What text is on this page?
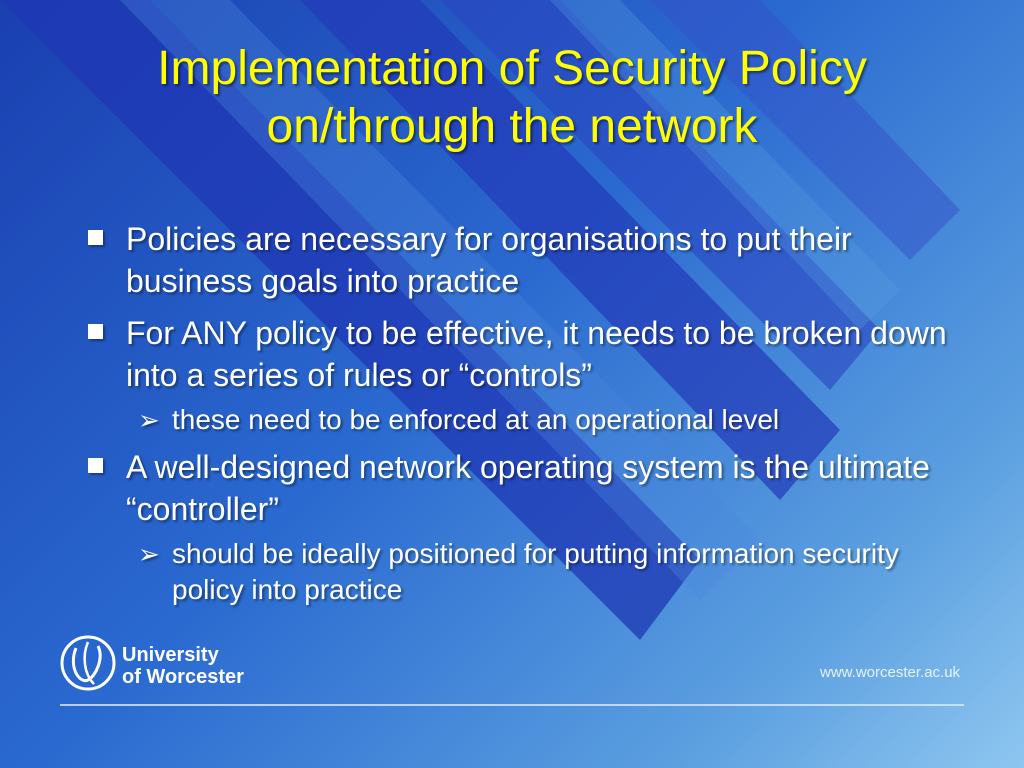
Implementation of Security Policy
on/through the network
Policies are necessary for organisations to put their business goals into practice
For ANY policy to be effective, it needs to be broken down into a series of rules or “controls”
➢ these need to be enforced at an operational level
A well-designed network operating system is the ultimate “controller”
➢ should be ideally positioned for putting information security policy into practice
University
of Worcester	www.worcester.ac.uk
